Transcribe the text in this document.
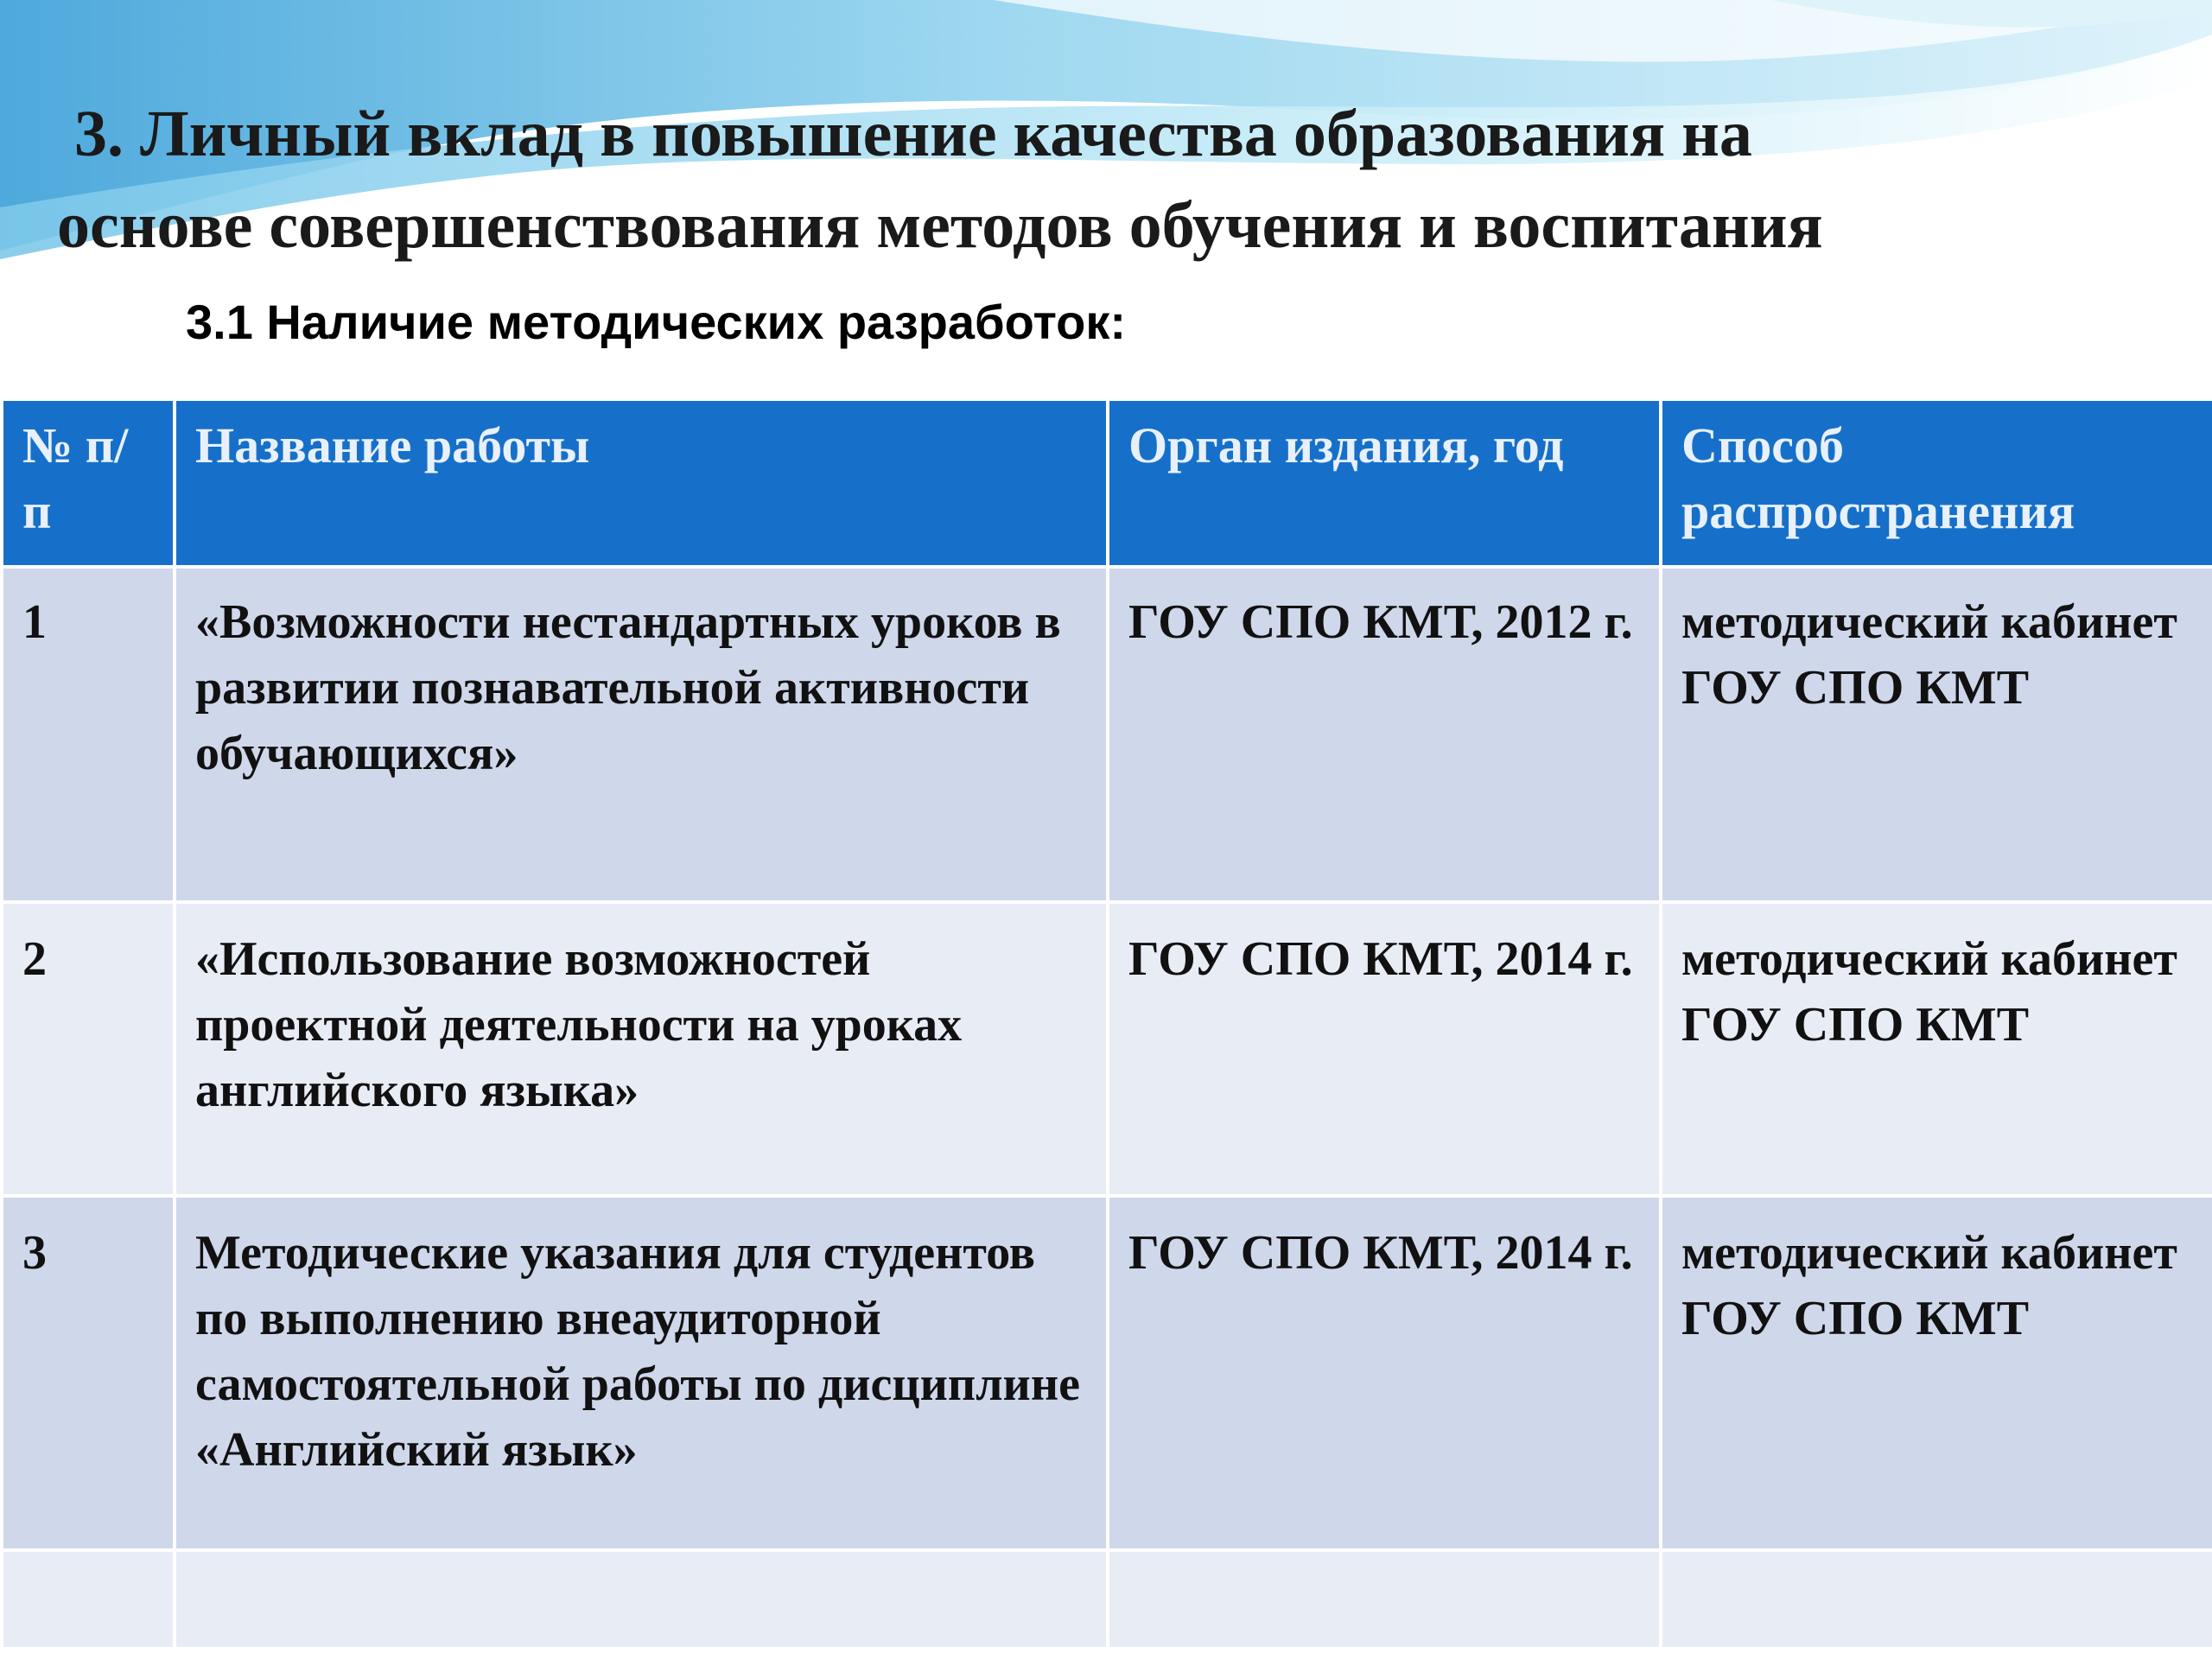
3. Личный вклад в повышение качества образования на
основе совершенствования методов обучения и воспитания
3.1 Наличие методических разработок:
№ п/п	Название работы	Орган издания, год	Способ распространения
1	«Возможности нестандартных уроков в развитии познавательной активности обучающихся»	ГОУ СПО КМТ, 2012 г.	методический кабинет ГОУ СПО КМТ
2	«Использование возможностей проектной деятельности на уроках английского языка»	ГОУ СПО КМТ, 2014 г.	методический кабинет ГОУ СПО КМТ
3	Методические указания для студентов по выполнению внеаудиторной самостоятельной работы по дисциплине «Английский язык»	ГОУ СПО КМТ, 2014 г.	методический кабинет ГОУ СПО КМТ
